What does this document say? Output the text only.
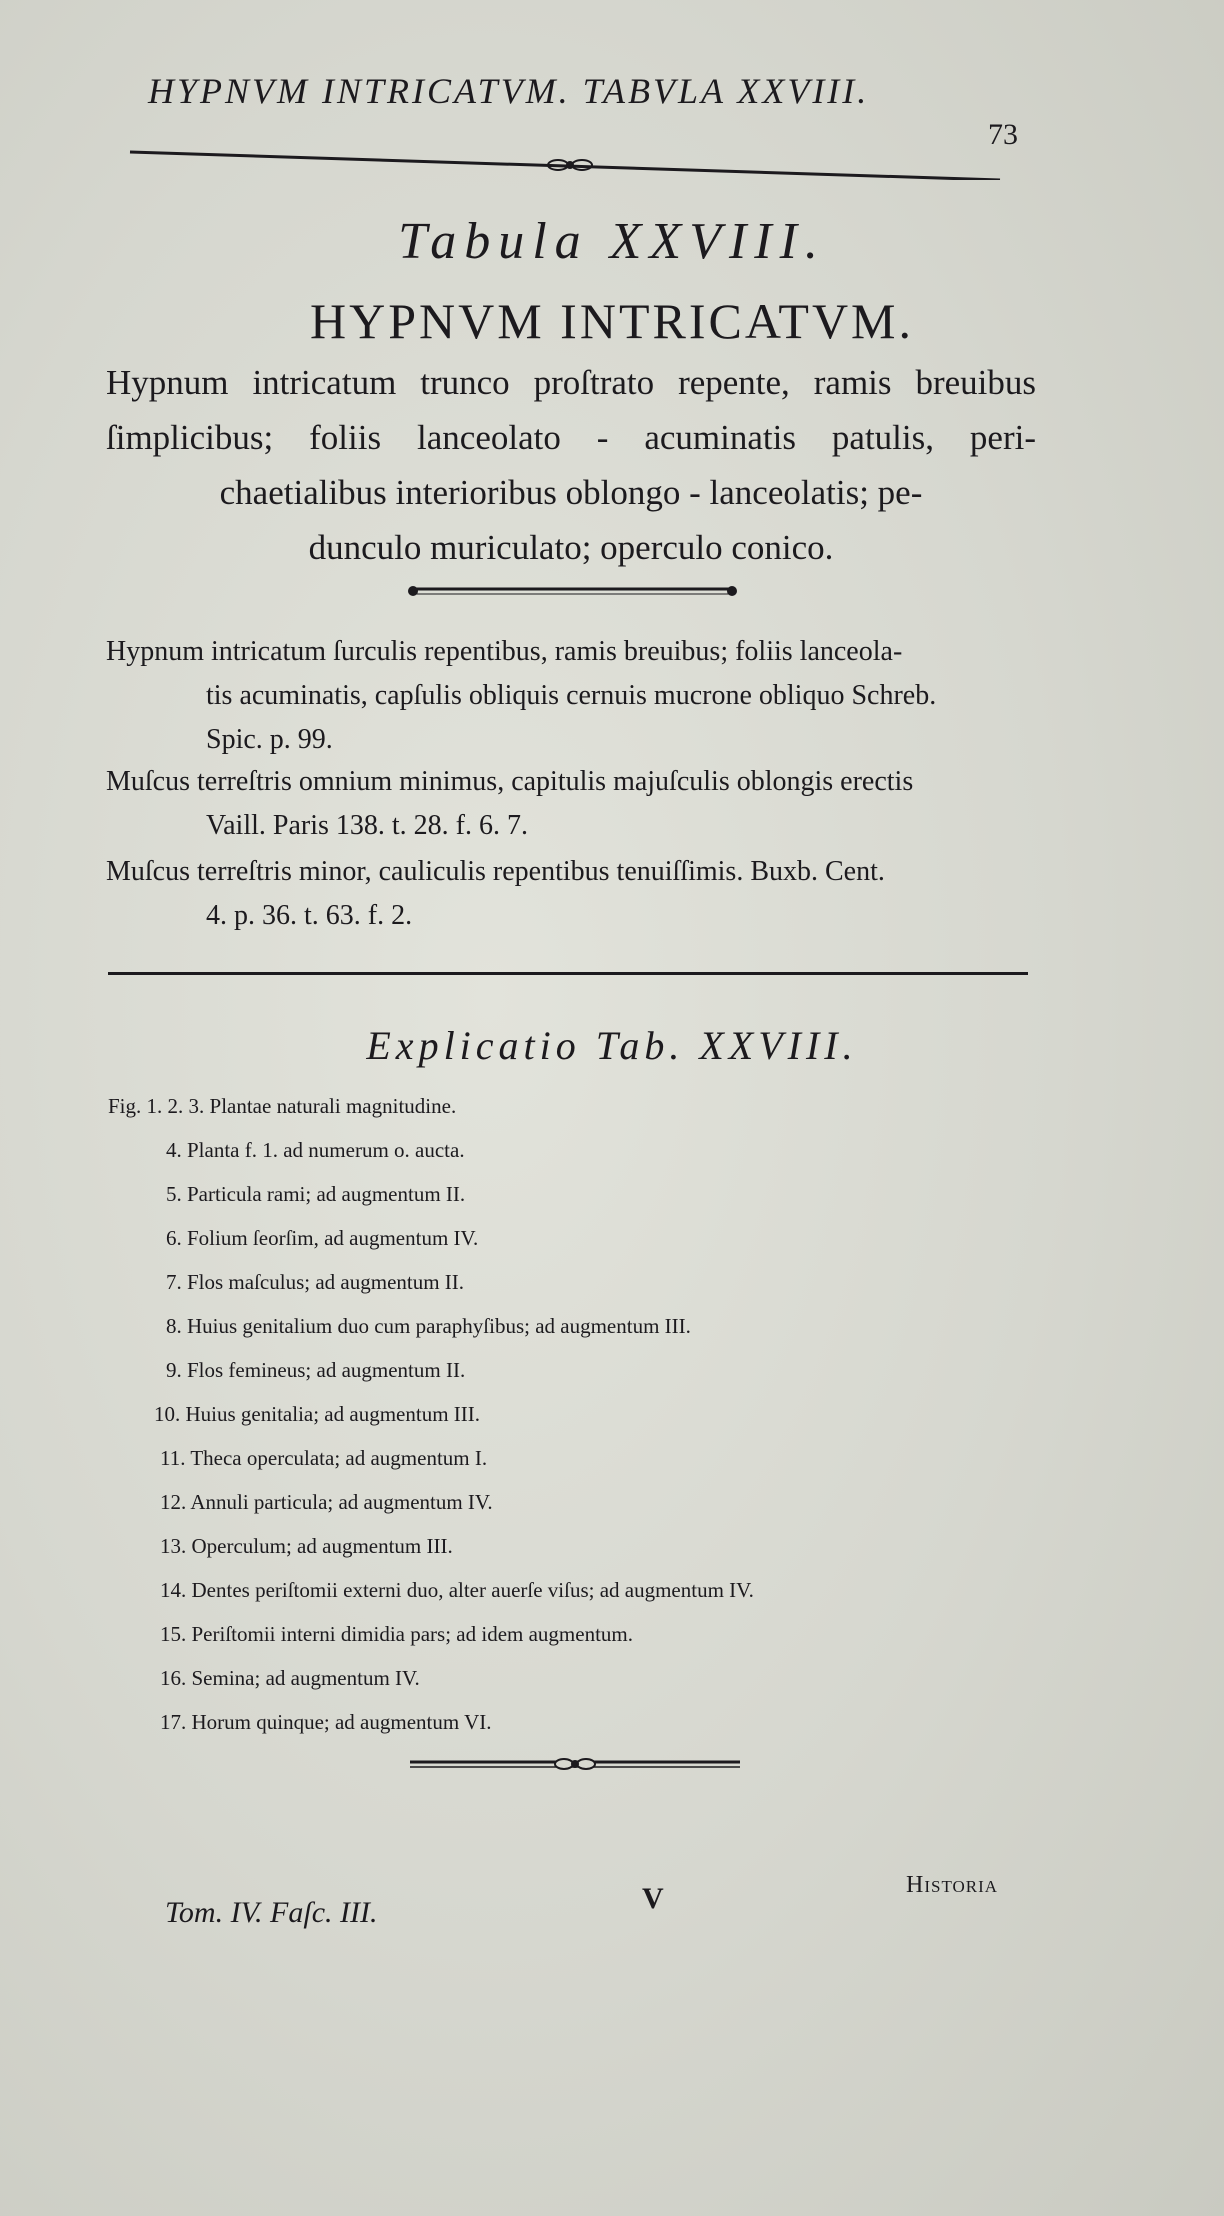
HYPNVM INTRICATVM. TABVLA XXVIII.
73
Tabula XXVIII.
HYPNVM INTRICATVM.
Hypnum intricatum trunco proſtrato repente, ramis breuibus
ſimplicibus; foliis lanceolato - acuminatis patulis, peri-
chaetialibus interioribus oblongo - lanceolatis; pe-
dunculo muriculato; operculo conico.
Hypnum intricatum ſurculis repentibus, ramis breuibus; foliis lanceola-
tis acuminatis, capſulis obliquis cernuis mucrone obliquo Schreb.
Spic. p. 99.
Muſcus terreſtris omnium minimus, capitulis majuſculis oblongis erectis
Vaill. Paris 138. t. 28. f. 6. 7.
Muſcus terreſtris minor, cauliculis repentibus tenuiſſimis. Buxb. Cent.
4. p. 36. t. 63. f. 2.
Explicatio Tab. XXVIII.
Fig. 1. 2. 3. Plantae naturali magnitudine.
4. Planta f. 1. ad numerum o. aucta.
5. Particula rami; ad augmentum II.
6. Folium ſeorſim, ad augmentum IV.
7. Flos maſculus; ad augmentum II.
8. Huius genitalium duo cum paraphyſibus; ad augmentum III.
9. Flos femineus; ad augmentum II.
10. Huius genitalia; ad augmentum III.
11. Theca operculata; ad augmentum I.
12. Annuli particula; ad augmentum IV.
13. Operculum; ad augmentum III.
14. Dentes periſtomii externi duo, alter auerſe viſus; ad augmentum IV.
15. Periſtomii interni dimidia pars; ad idem augmentum.
16. Semina; ad augmentum IV.
17. Horum quinque; ad augmentum VI.
Tom. IV. Faſc. III.	V	Historia
